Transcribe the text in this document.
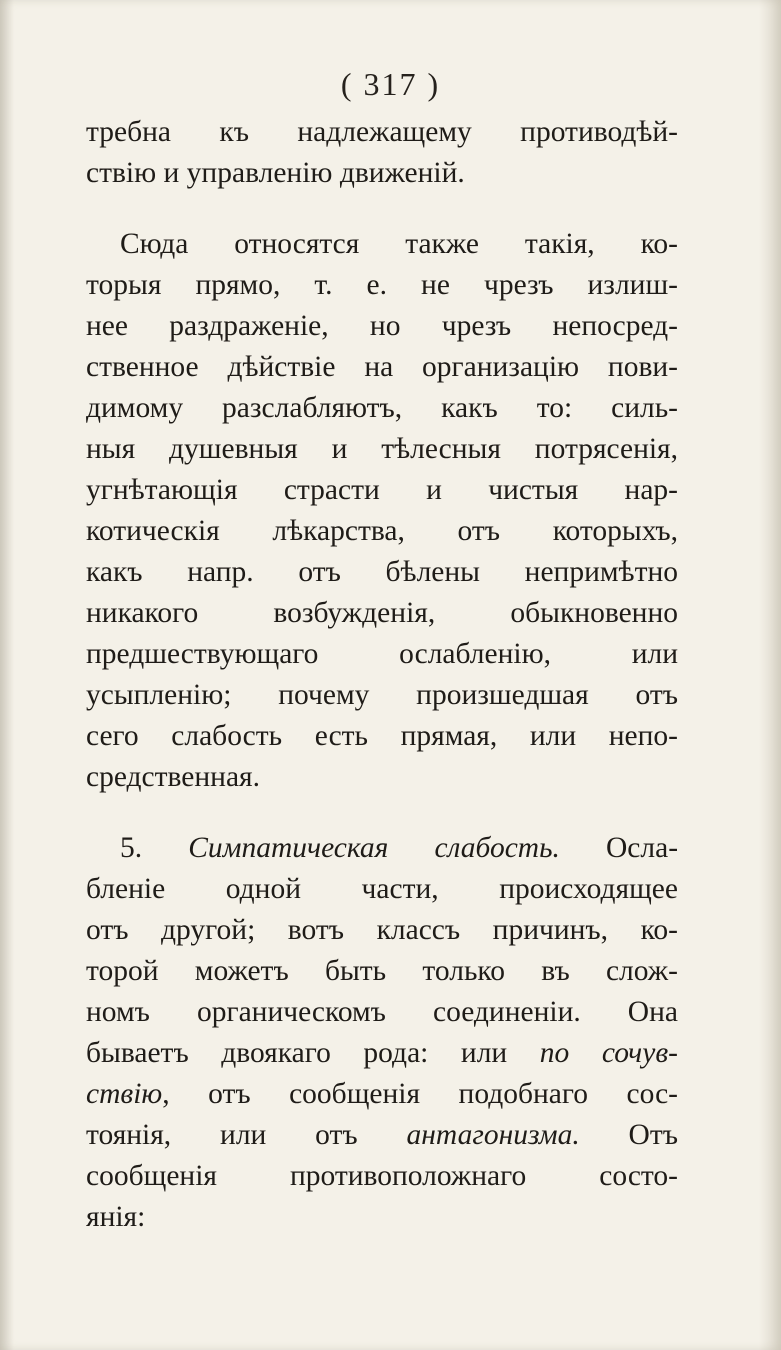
( 317 )
требна къ надлежащему противодѣй-
ствію и управленію движеній.
Сюда относятся также такія, ко-
торыя прямо, т. е. не чрезъ излиш-
нее раздраженіе, но чрезъ непосред-
ственное дѣйствіе на организацію пови-
димому разслабляютъ, какъ то: силь-
ныя душевныя и тѣлесныя потрясенія,
угнѣтающія страсти и чистыя нар-
котическія лѣкарства, отъ которыхъ,
какъ напр. отъ бѣлены непримѣтно
никакого возбужденія, обыкновенно
предшествующаго ослабленію, или
усыпленію; почему произшедшая отъ
сего слабость есть прямая, или непо-
средственная.
5. Симпатическая слабость. Осла-
бленіе одной части, происходящее
отъ другой; вотъ классъ причинъ, ко-
торой можетъ быть только въ слож-
номъ органическомъ соединеніи. Она
бываетъ двоякаго рода: или по сочув-
ствію, отъ сообщенія подобнаго сос-
тоянія, или отъ антагонизма. Отъ
сообщенія противоположнаго состо-
янія:
